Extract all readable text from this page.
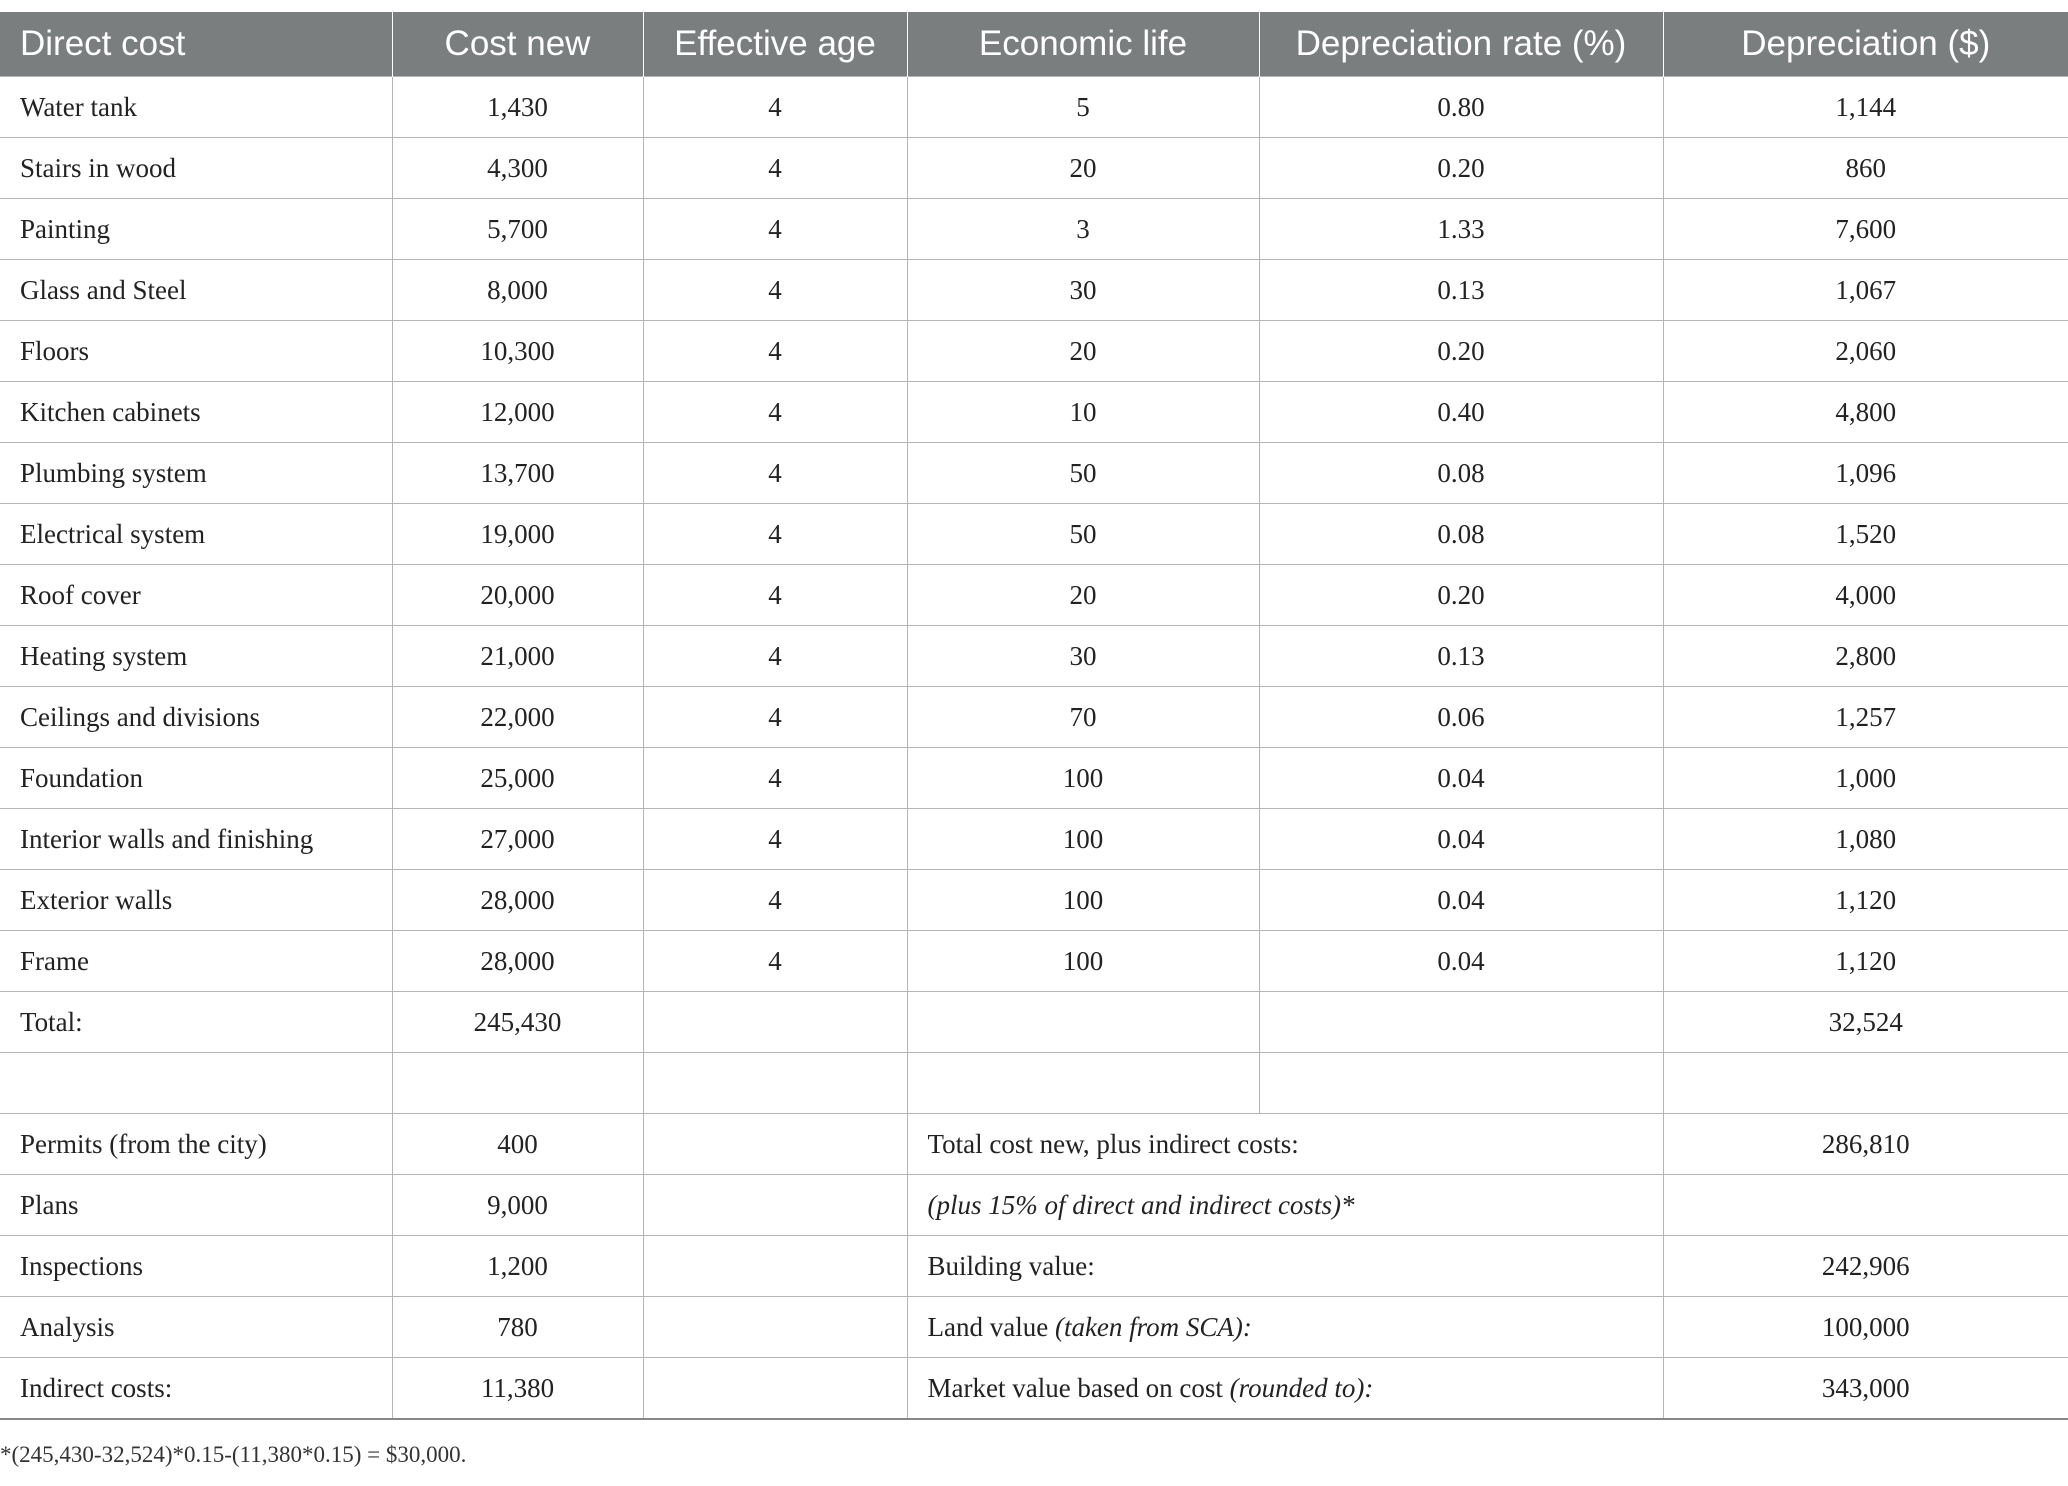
Direct cost	Cost new	Effective age	Economic life	Depreciation rate (%)	Depreciation ($)
Water tank	1,430	4	5	0.80	1,144
Stairs in wood	4,300	4	20	0.20	860
Painting	5,700	4	3	1.33	7,600
Glass and Steel	8,000	4	30	0.13	1,067
Floors	10,300	4	20	0.20	2,060
Kitchen cabinets	12,000	4	10	0.40	4,800
Plumbing system	13,700	4	50	0.08	1,096
Electrical system	19,000	4	50	0.08	1,520
Roof cover	20,000	4	20	0.20	4,000
Heating system	21,000	4	30	0.13	2,800
Ceilings and divisions	22,000	4	70	0.06	1,257
Foundation	25,000	4	100	0.04	1,000
Interior walls and finishing	27,000	4	100	0.04	1,080
Exterior walls	28,000	4	100	0.04	1,120
Frame	28,000	4	100	0.04	1,120
Total:	245,430				32,524

Permits (from the city)	400		Total cost new, plus indirect costs:		286,810
Plans	9,000		(plus 15% of direct and indirect costs)*		
Inspections	1,200		Building value:		242,906
Analysis	780		Land value (taken from SCA):		100,000
Indirect costs:	11,380		Market value based on cost (rounded to):		343,000
*(245,430-32,524)*0.15-(11,380*0.15) = $30,000.
